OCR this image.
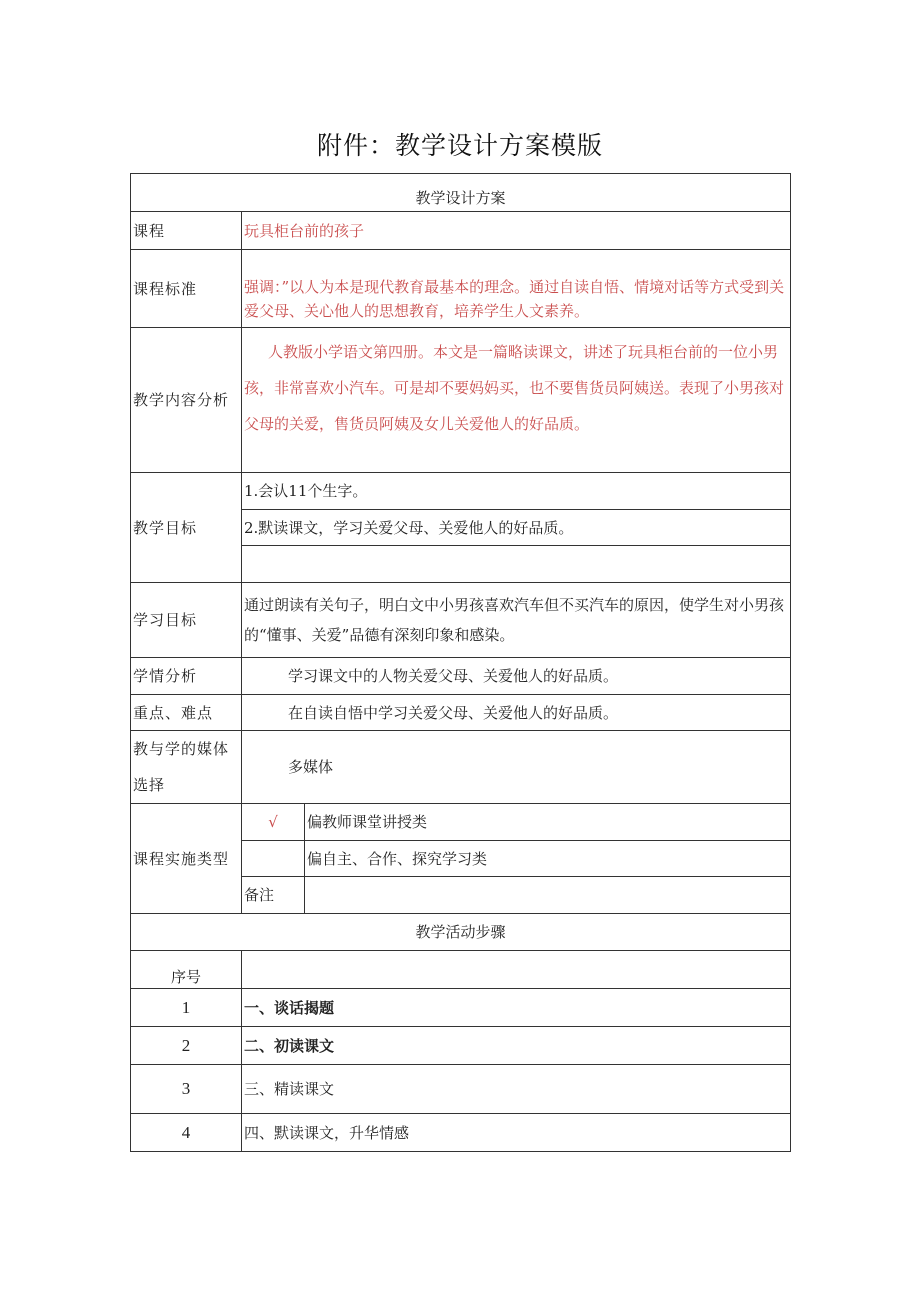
附件：教学设计方案模版
教学设计方案		
课程	玩具柜台前的孩子	
课程标准	强调：”以人为本是现代教育最基本的理念。通过自读自悟、情境对话等方式受到关爱父母、关心他人的思想教育，培养学生人文素养。	
教学内容分析	人教版小学语文第四册。本文是一篇略读课文，讲述了玩具柜台前的一位小男孩，非常喜欢小汽车。可是却不要妈妈买，也不要售货员阿姨送。表现了小男孩对父母的关爱，售货员阿姨及女儿关爱他人的好品质。	
教学目标	1.会认11个生字。	
	2.默读课文，学习关爱父母、关爱他人的好品质。	

学习目标	通过朗读有关句子，明白文中小男孩喜欢汽车但不买汽车的原因，使学生对小男孩的“懂事、关爱”品德有深刻印象和感染。	
学情分析	学习课文中的人物关爱父母、关爱他人的好品质。	
重点、难点	在自读自悟中学习关爱父母、关爱他人的好品质。	
教与学的媒体选择	多媒体	
课程实施类型	√	偏教师课堂讲授类
		偏自主、合作、探究学习类
	备注	
教学活动步骤		
序号		
1	一、谈话揭题	
2	二、初读课文	
3	三、精读课文	
4	四、默读课文，升华情感	
